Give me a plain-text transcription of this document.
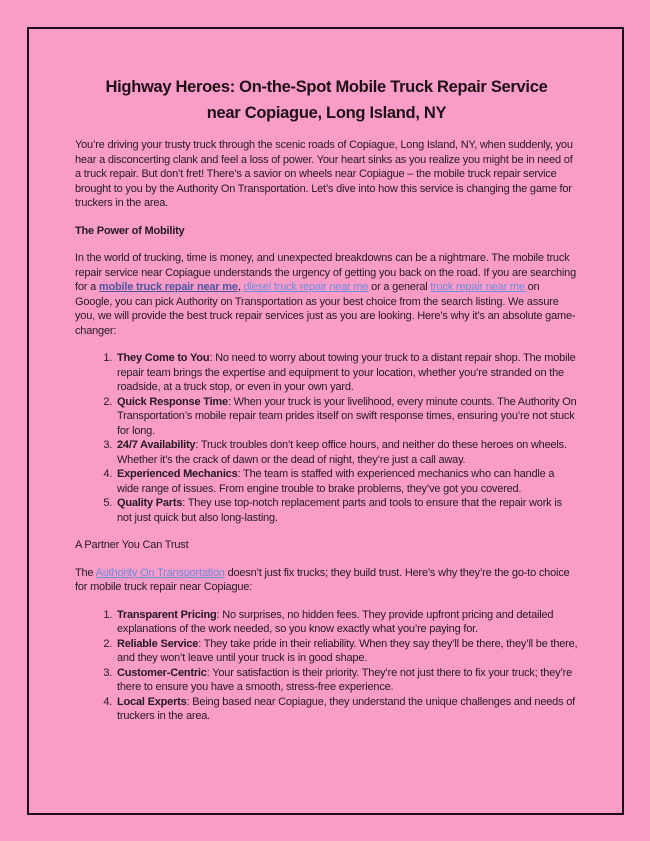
Highway Heroes: On-the-Spot Mobile Truck Repair Service
near Copiague, Long Island, NY

You’re driving your trusty truck through the scenic roads of Copiague, Long Island, NY, when suddenly, you hear a disconcerting clank and feel a loss of power. Your heart sinks as you realize you might be in need of a truck repair. But don’t fret! There’s a savior on wheels near Copiague – the mobile truck repair service brought to you by the Authority On Transportation. Let’s dive into how this service is changing the game for truckers in the area.

The Power of Mobility

In the world of trucking, time is money, and unexpected breakdowns can be a nightmare. The mobile truck repair service near Copiague understands the urgency of getting you back on the road. If you are searching for a mobile truck repair near me, diesel truck repair near me or a general truck repair near me on Google, you can pick Authority on Transportation as your best choice from the search listing. We assure you, we will provide the best truck repair services just as you are looking. Here’s why it’s an absolute game-changer:

1. They Come to You: No need to worry about towing your truck to a distant repair shop. The mobile repair team brings the expertise and equipment to your location, whether you’re stranded on the roadside, at a truck stop, or even in your own yard.
2. Quick Response Time: When your truck is your livelihood, every minute counts. The Authority On Transportation’s mobile repair team prides itself on swift response times, ensuring you’re not stuck for long.
3. 24/7 Availability: Truck troubles don’t keep office hours, and neither do these heroes on wheels. Whether it’s the crack of dawn or the dead of night, they’re just a call away.
4. Experienced Mechanics: The team is staffed with experienced mechanics who can handle a wide range of issues. From engine trouble to brake problems, they’ve got you covered.
5. Quality Parts: They use top-notch replacement parts and tools to ensure that the repair work is not just quick but also long-lasting.

A Partner You Can Trust

The Authority On Transportation doesn’t just fix trucks; they build trust. Here’s why they’re the go-to choice for mobile truck repair near Copiague:

1. Transparent Pricing: No surprises, no hidden fees. They provide upfront pricing and detailed explanations of the work needed, so you know exactly what you’re paying for.
2. Reliable Service: They take pride in their reliability. When they say they’ll be there, they’ll be there, and they won’t leave until your truck is in good shape.
3. Customer-Centric: Your satisfaction is their priority. They’re not just there to fix your truck; they’re there to ensure you have a smooth, stress-free experience.
4. Local Experts: Being based near Copiague, they understand the unique challenges and needs of truckers in the area.
